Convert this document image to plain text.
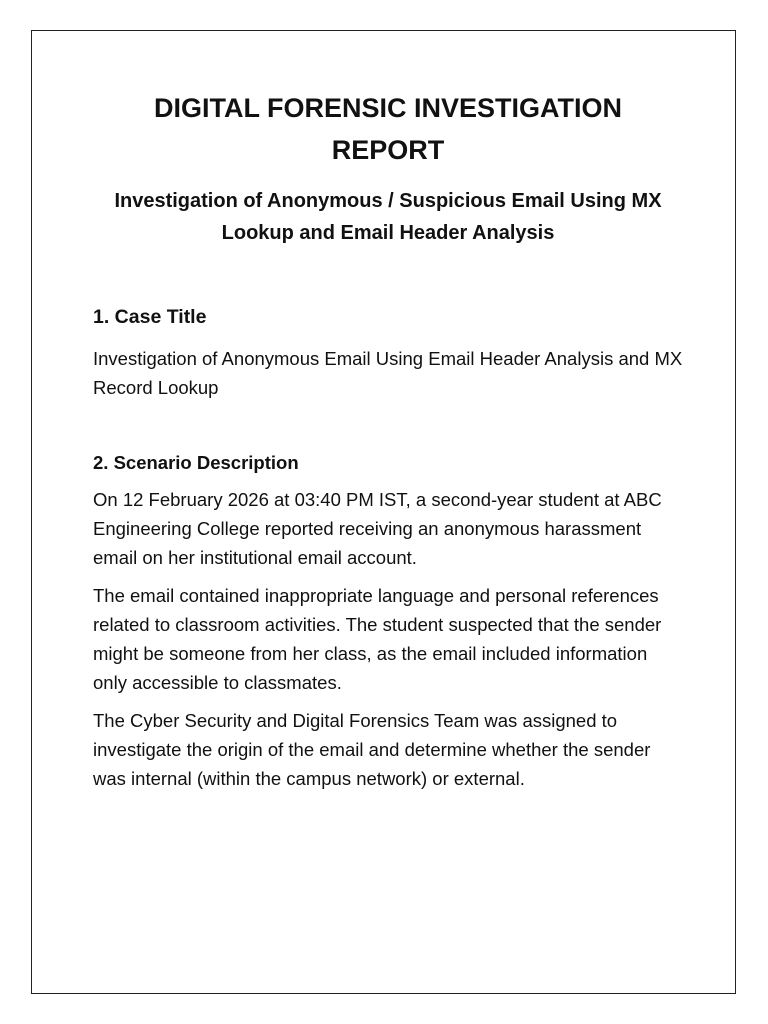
DIGITAL FORENSIC INVESTIGATION REPORT
Investigation of Anonymous / Suspicious Email Using MX Lookup and Email Header Analysis
1. Case Title

Investigation of Anonymous Email Using Email Header Analysis and MX Record Lookup

2. Scenario Description

On 12 February 2026 at 03:40 PM IST, a second-year student at ABC Engineering College reported receiving an anonymous harassment email on her institutional email account.

The email contained inappropriate language and personal references related to classroom activities. The student suspected that the sender might be someone from her class, as the email included information only accessible to classmates.

The Cyber Security and Digital Forensics Team was assigned to investigate the origin of the email and determine whether the sender was internal (within the campus network) or external.
